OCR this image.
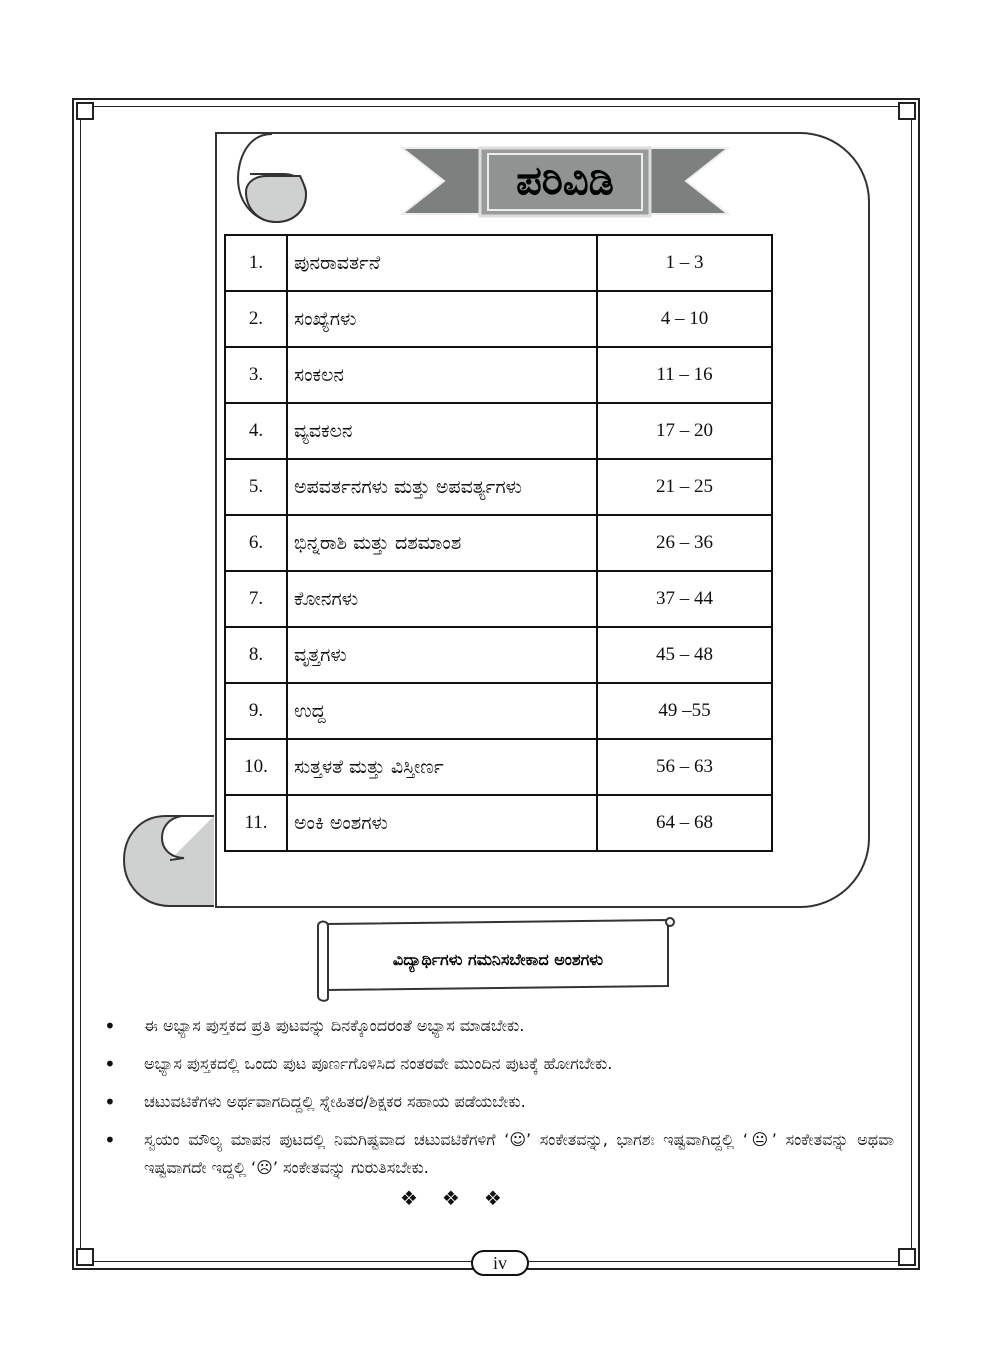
ಪರಿವಿಡಿ
1.	ಪುನರಾವರ್ತನೆ	1 – 3
2.	ಸಂಖ್ಯೆಗಳು	4 – 10
3.	ಸಂಕಲನ	11 – 16
4.	ವ್ಯವಕಲನ	17 – 20
5.	ಅಪವರ್ತನಗಳು ಮತ್ತು ಅಪವರ್ತ್ಯಗಳು	21 – 25
6.	ಭಿನ್ನರಾಶಿ ಮತ್ತು ದಶಮಾಂಶ	26 – 36
7.	ಕೋನಗಳು	37 – 44
8.	ವೃತ್ತಗಳು	45 – 48
9.	ಉದ್ದ	49 –55
10.	ಸುತ್ತಳತೆ ಮತ್ತು ವಿಸ್ತೀರ್ಣ	56 – 63
11.	ಅಂಕಿ ಅಂಶಗಳು	64 – 68
ವಿದ್ಯಾರ್ಥಿಗಳು ಗಮನಿಸಬೇಕಾದ ಅಂಶಗಳು
• ಈ ಅಭ್ಯಾಸ ಪುಸ್ತಕದ ಪ್ರತಿ ಪುಟವನ್ನು ದಿನಕ್ಕೊಂದರಂತೆ ಅಭ್ಯಾಸ ಮಾಡಬೇಕು.
• ಅಭ್ಯಾಸ ಪುಸ್ತಕದಲ್ಲಿ ಒಂದು ಪುಟ ಪೂರ್ಣಗೊಳಿಸಿದ ನಂತರವೇ ಮುಂದಿನ ಪುಟಕ್ಕೆ ಹೋಗಬೇಕು.
• ಚಟುವಟಿಕೆಗಳು ಅರ್ಥವಾಗದಿದ್ದಲ್ಲಿ ಸ್ನೇಹಿತರ/ಶಿಕ್ಷಕರ ಸಹಾಯ ಪಡೆಯಬೇಕು.
• ಸ್ವಯಂ ಮೌಲ್ಯ ಮಾಪನ ಪುಟದಲ್ಲಿ ನಿಮಗಿಷ್ಟವಾದ ಚಟುವಟಿಕೆಗಳಿಗೆ ‘☺’ ಸಂಕೇತವನ್ನು, ಭಾಗಶಃ ಇಷ್ಟವಾಗಿದ್ದಲ್ಲಿ ‘😐’ ಸಂಕೇತವನ್ನು ಅಥವಾ ಇಷ್ಟವಾಗದೇ ಇದ್ದಲ್ಲಿ ‘☹’ ಸಂಕೇತವನ್ನು ಗುರುತಿಸಬೇಕು.
❖❖❖
iv
